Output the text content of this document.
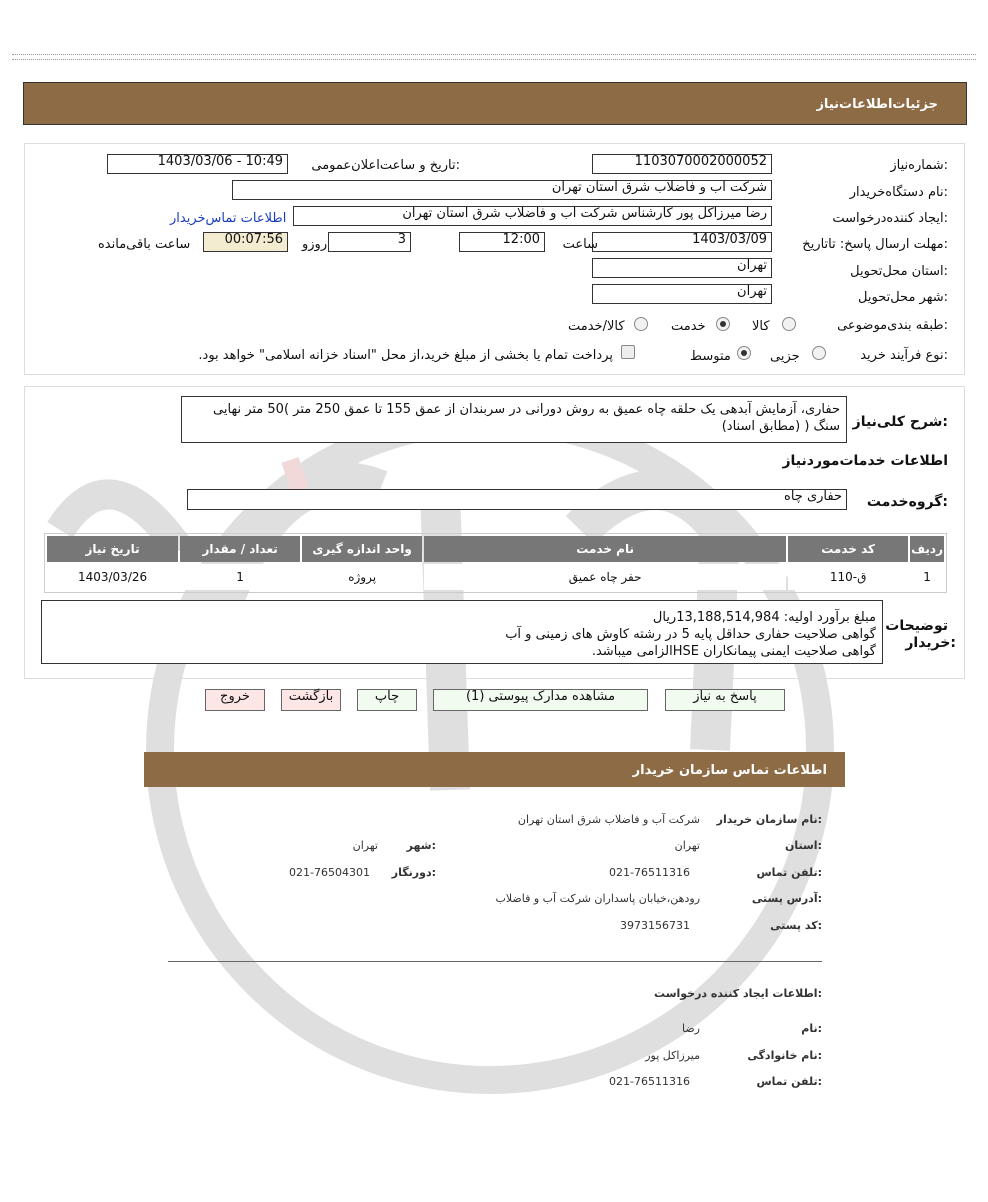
جزئیات‌اطلاعات‌نیاز
شماره‌نیاز:
1103070002000052
تاریخ و ساعت‌اعلان‌عمومی:
1403/03/06 - 10:49
نام دستگاه‌خریدار:
شرکت آب و فاضلاب شرق استان تهران
ایجاد کننده‌درخواست:
رضا میرزاکل پور کارشناس شرکت آب و فاضلاب شرق استان تهران
اطلاعات تماس‌خریدار
مهلت ارسال پاسخ: تاتاریخ:
1403/03/09
ساعت
12:00
3
روزو
00:07:56
ساعت باقی‌مانده
استان محل‌تحویل:
تهران
شهر محل‌تحویل:
تهران
طبقه بندی‌موضوعی:
کالا
خدمت
کالا/خدمت
نوع فرآیند خرید:
جزیی
متوسط
پرداخت تمام یا بخشی از مبلغ خرید،از محل "اسناد خزانه اسلامی" خواهد بود.
شرح کلی‌نیاز:
حفاری، آزمایش آبدهی یک حلقه چاه عمیق به روش دورانی در سربندان از عمق 155 تا عمق 250 متر )50 متر نهایی سنگ ( (مطابق اسناد)
اطلاعات خدمات‌موردنیاز
گروه‌خدمت:
حفاری چاه
ردیف	کد خدمت	نام خدمت	واحد اندازه گیری	تعداد / مقدار	تاریخ نیاز
1	ق-110	حفر چاه عمیق	پروژه	1	1403/03/26
توضیحات
خریدار:
مبلغ برآورد اولیه: 13,188,514,984ریال
گواهی صلاحیت حفاری حداقل پایه 5 در رشته کاوش های زمینی و آب
گواهی صلاحیت ایمنی پیمانکاران HSEالزامی میباشد.
پاسخ به نیاز
مشاهده مدارک پیوستی (1)
چاپ
بازگشت
خروج
اطلاعات تماس سازمان خریدار
نام سازمان خریدار:
شرکت آب و فاضلاب شرق استان تهران
استان:
تهران
شهر:
تهران
تلفن تماس:
021-76511316
دورنگار:
021-76504301
آدرس پستی:
رودهن،خیابان پاسداران شرکت آب و فاضلاب
کد پستی:
3973156731
اطلاعات ایجاد کننده درخواست:
نام:
رضا
نام خانوادگی:
میرزاکل پور
تلفن تماس:
021-76511316
